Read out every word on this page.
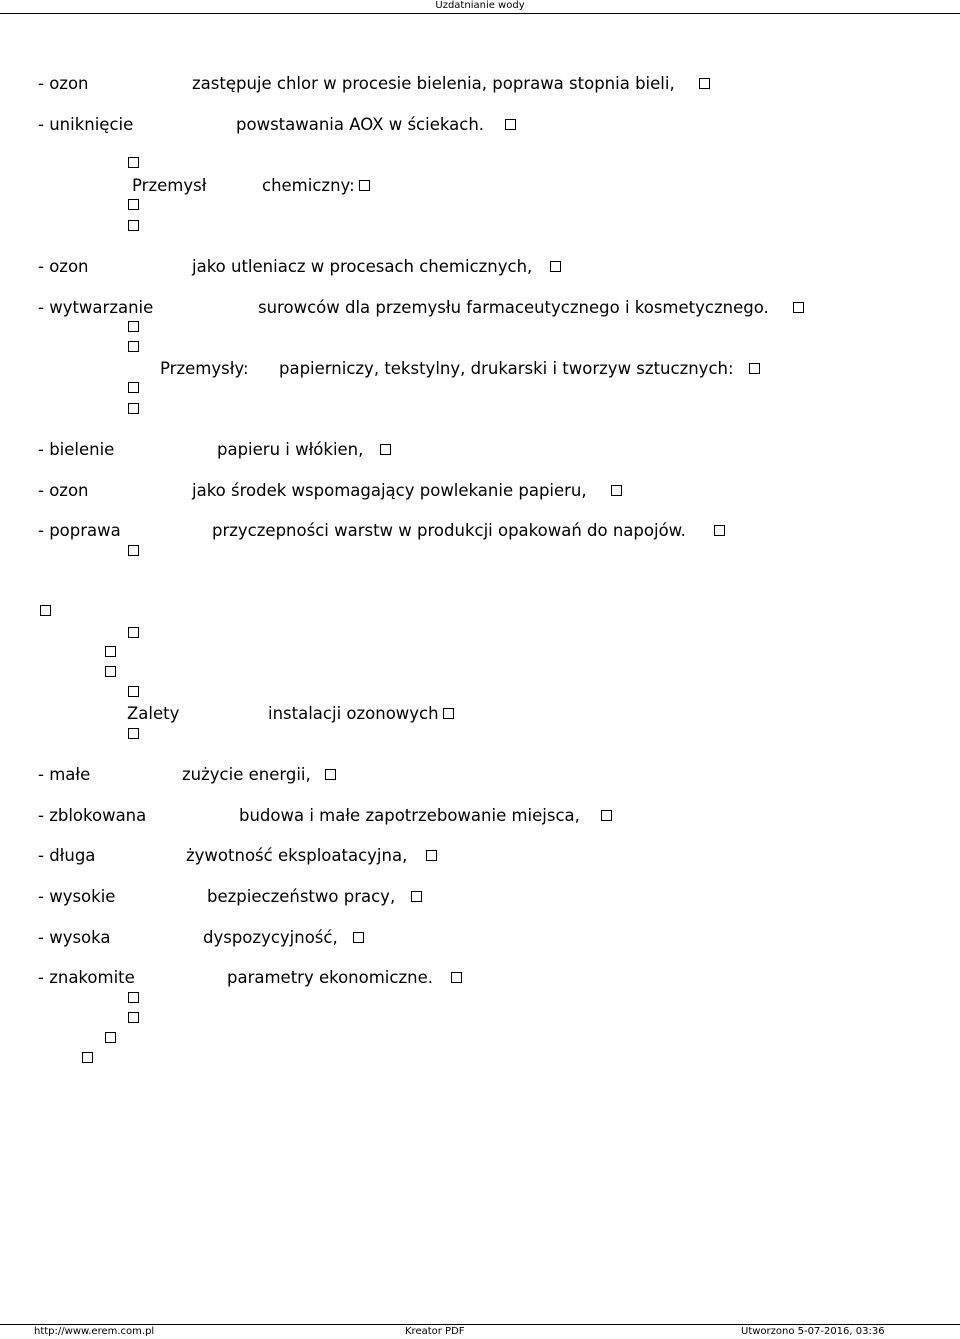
Uzdatnianie wody
- ozon	zastępuje chlor w procesie bielenia, poprawa stopnia bieli,
- uniknięcie	powstawania AOX w ściekach.
Przemysł	chemiczny:
- ozon	jako utleniacz w procesach chemicznych,
- wytwarzanie	surowców dla przemysłu farmaceutycznego i kosmetycznego.
Przemysły: papierniczy, tekstylny, drukarski i tworzyw sztucznych:
- bielenie	papieru i włókien,
- ozon	jako środek wspomagający powlekanie papieru,
- poprawa	przyczepności warstw w produkcji opakowań do napojów.
Zalety	instalacji ozonowych
- małe	zużycie energii,
- zblokowana	budowa i małe zapotrzebowanie miejsca,
- długa	żywotność eksploatacyjna,
- wysokie	bezpieczeństwo pracy,
- wysoka	dyspozycyjność,
- znakomite	parametry ekonomiczne.
http://www.erem.com.pl	Kreator PDF	Utworzono 5-07-2016, 03:36
